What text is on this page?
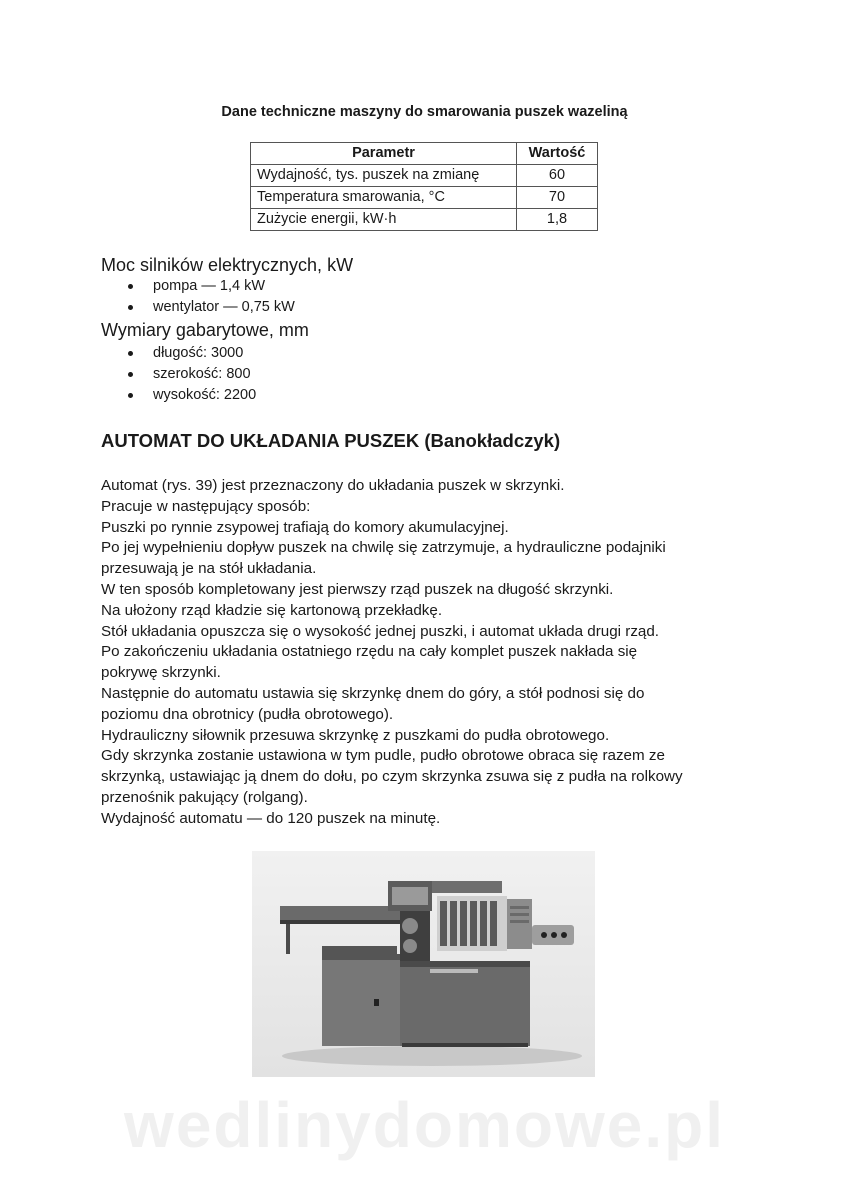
Dane techniczne maszyny do smarowania puszek wazeliną
Parametr	Wartość
Wydajność, tys. puszek na zmianę	60
Temperatura smarowania, °C	70
Zużycie energii, kW·h	1,8
Moc silników elektrycznych, kW
pompa — 1,4 kW
wentylator — 0,75 kW
Wymiary gabarytowe, mm
długość: 3000
szerokość: 800
wysokość: 2200
AUTOMAT DO UKŁADANIA PUSZEK (Banokładczyk)
Automat (rys. 39) jest przeznaczony do układania puszek w skrzynki.
Pracuje w następujący sposób:
Puszki po rynnie zsypowej trafiają do komory akumulacyjnej.
Po jej wypełnieniu dopływ puszek na chwilę się zatrzymuje, a hydrauliczne podajniki
przesuwają je na stół układania.
W ten sposób kompletowany jest pierwszy rząd puszek na długość skrzynki.
Na ułożony rząd kładzie się kartonową przekładkę.
Stół układania opuszcza się o wysokość jednej puszki, i automat układa drugi rząd.
Po zakończeniu układania ostatniego rzędu na cały komplet puszek nakłada się
pokrywę skrzynki.
Następnie do automatu ustawia się skrzynkę dnem do góry, a stół podnosi się do
poziomu dna obrotnicy (pudła obrotowego).
Hydrauliczny siłownik przesuwa skrzynkę z puszkami do pudła obrotowego.
Gdy skrzynka zostanie ustawiona w tym pudle, pudło obrotowe obraca się razem ze
skrzynką, ustawiając ją dnem do dołu, po czym skrzynka zsuwa się z pudła na rolkowy
przenośnik pakujący (rolgang).
Wydajność automatu — do 120 puszek na minutę.
wedlinydomowe.pl
